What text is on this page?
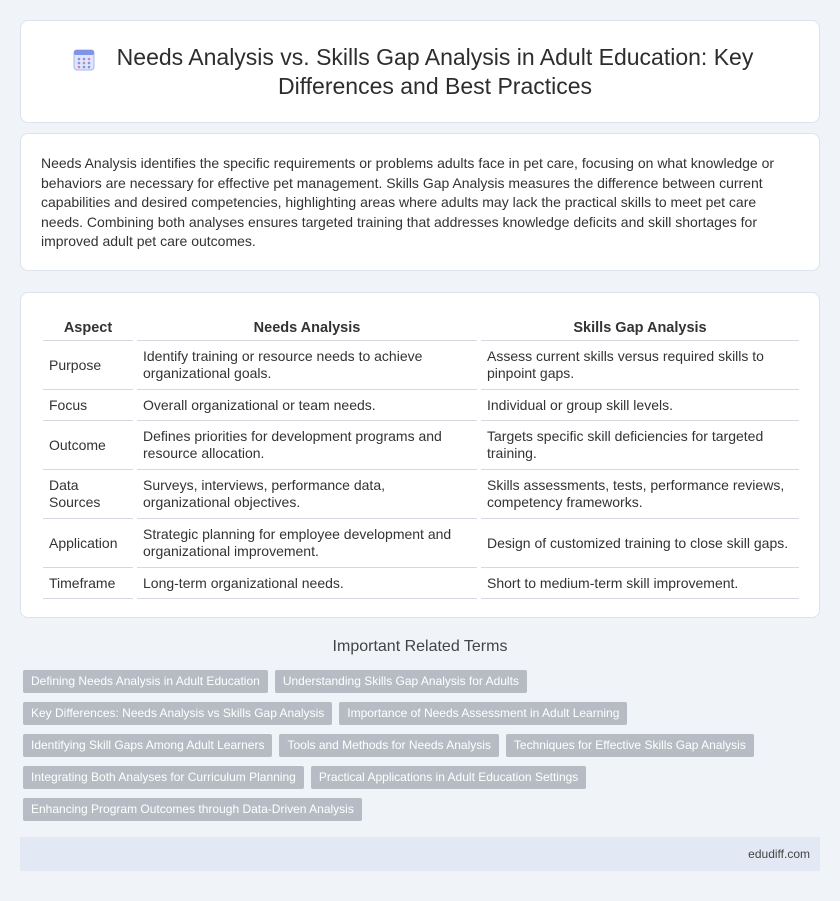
Needs Analysis vs. Skills Gap Analysis in Adult Education: Key Differences and Best Practices

Needs Analysis identifies the specific requirements or problems adults face in pet care, focusing on what knowledge or behaviors are necessary for effective pet management. Skills Gap Analysis measures the difference between current capabilities and desired competencies, highlighting areas where adults may lack the practical skills to meet pet care needs. Combining both analyses ensures targeted training that addresses knowledge deficits and skill shortages for improved adult pet care outcomes.

Aspect		Needs Analysis		Skills Gap Analysis
Purpose		Identify training or resource needs to achieve organizational goals.		Assess current skills versus required skills to pinpoint gaps.
Focus		Overall organizational or team needs.		Individual or group skill levels.
Outcome		Defines priorities for development programs and resource allocation.		Targets specific skill deficiencies for targeted training.
Data Sources		Surveys, interviews, performance data, organizational objectives.		Skills assessments, tests, performance reviews, competency frameworks.
Application		Strategic planning for employee development and organizational improvement.		Design of customized training to close skill gaps.
Timeframe		Long-term organizational needs.		Short to medium-term skill improvement.
Important Related Terms
Defining Needs Analysis in Adult Education	Understanding Skills Gap Analysis for Adults
Key Differences: Needs Analysis vs Skills Gap Analysis	Importance of Needs Assessment in Adult Learning
Identifying Skill Gaps Among Adult Learners	Tools and Methods for Needs Analysis	Techniques for Effective Skills Gap Analysis
Integrating Both Analyses for Curriculum Planning	Practical Applications in Adult Education Settings
Enhancing Program Outcomes through Data-Driven Analysis
edudiff.com
